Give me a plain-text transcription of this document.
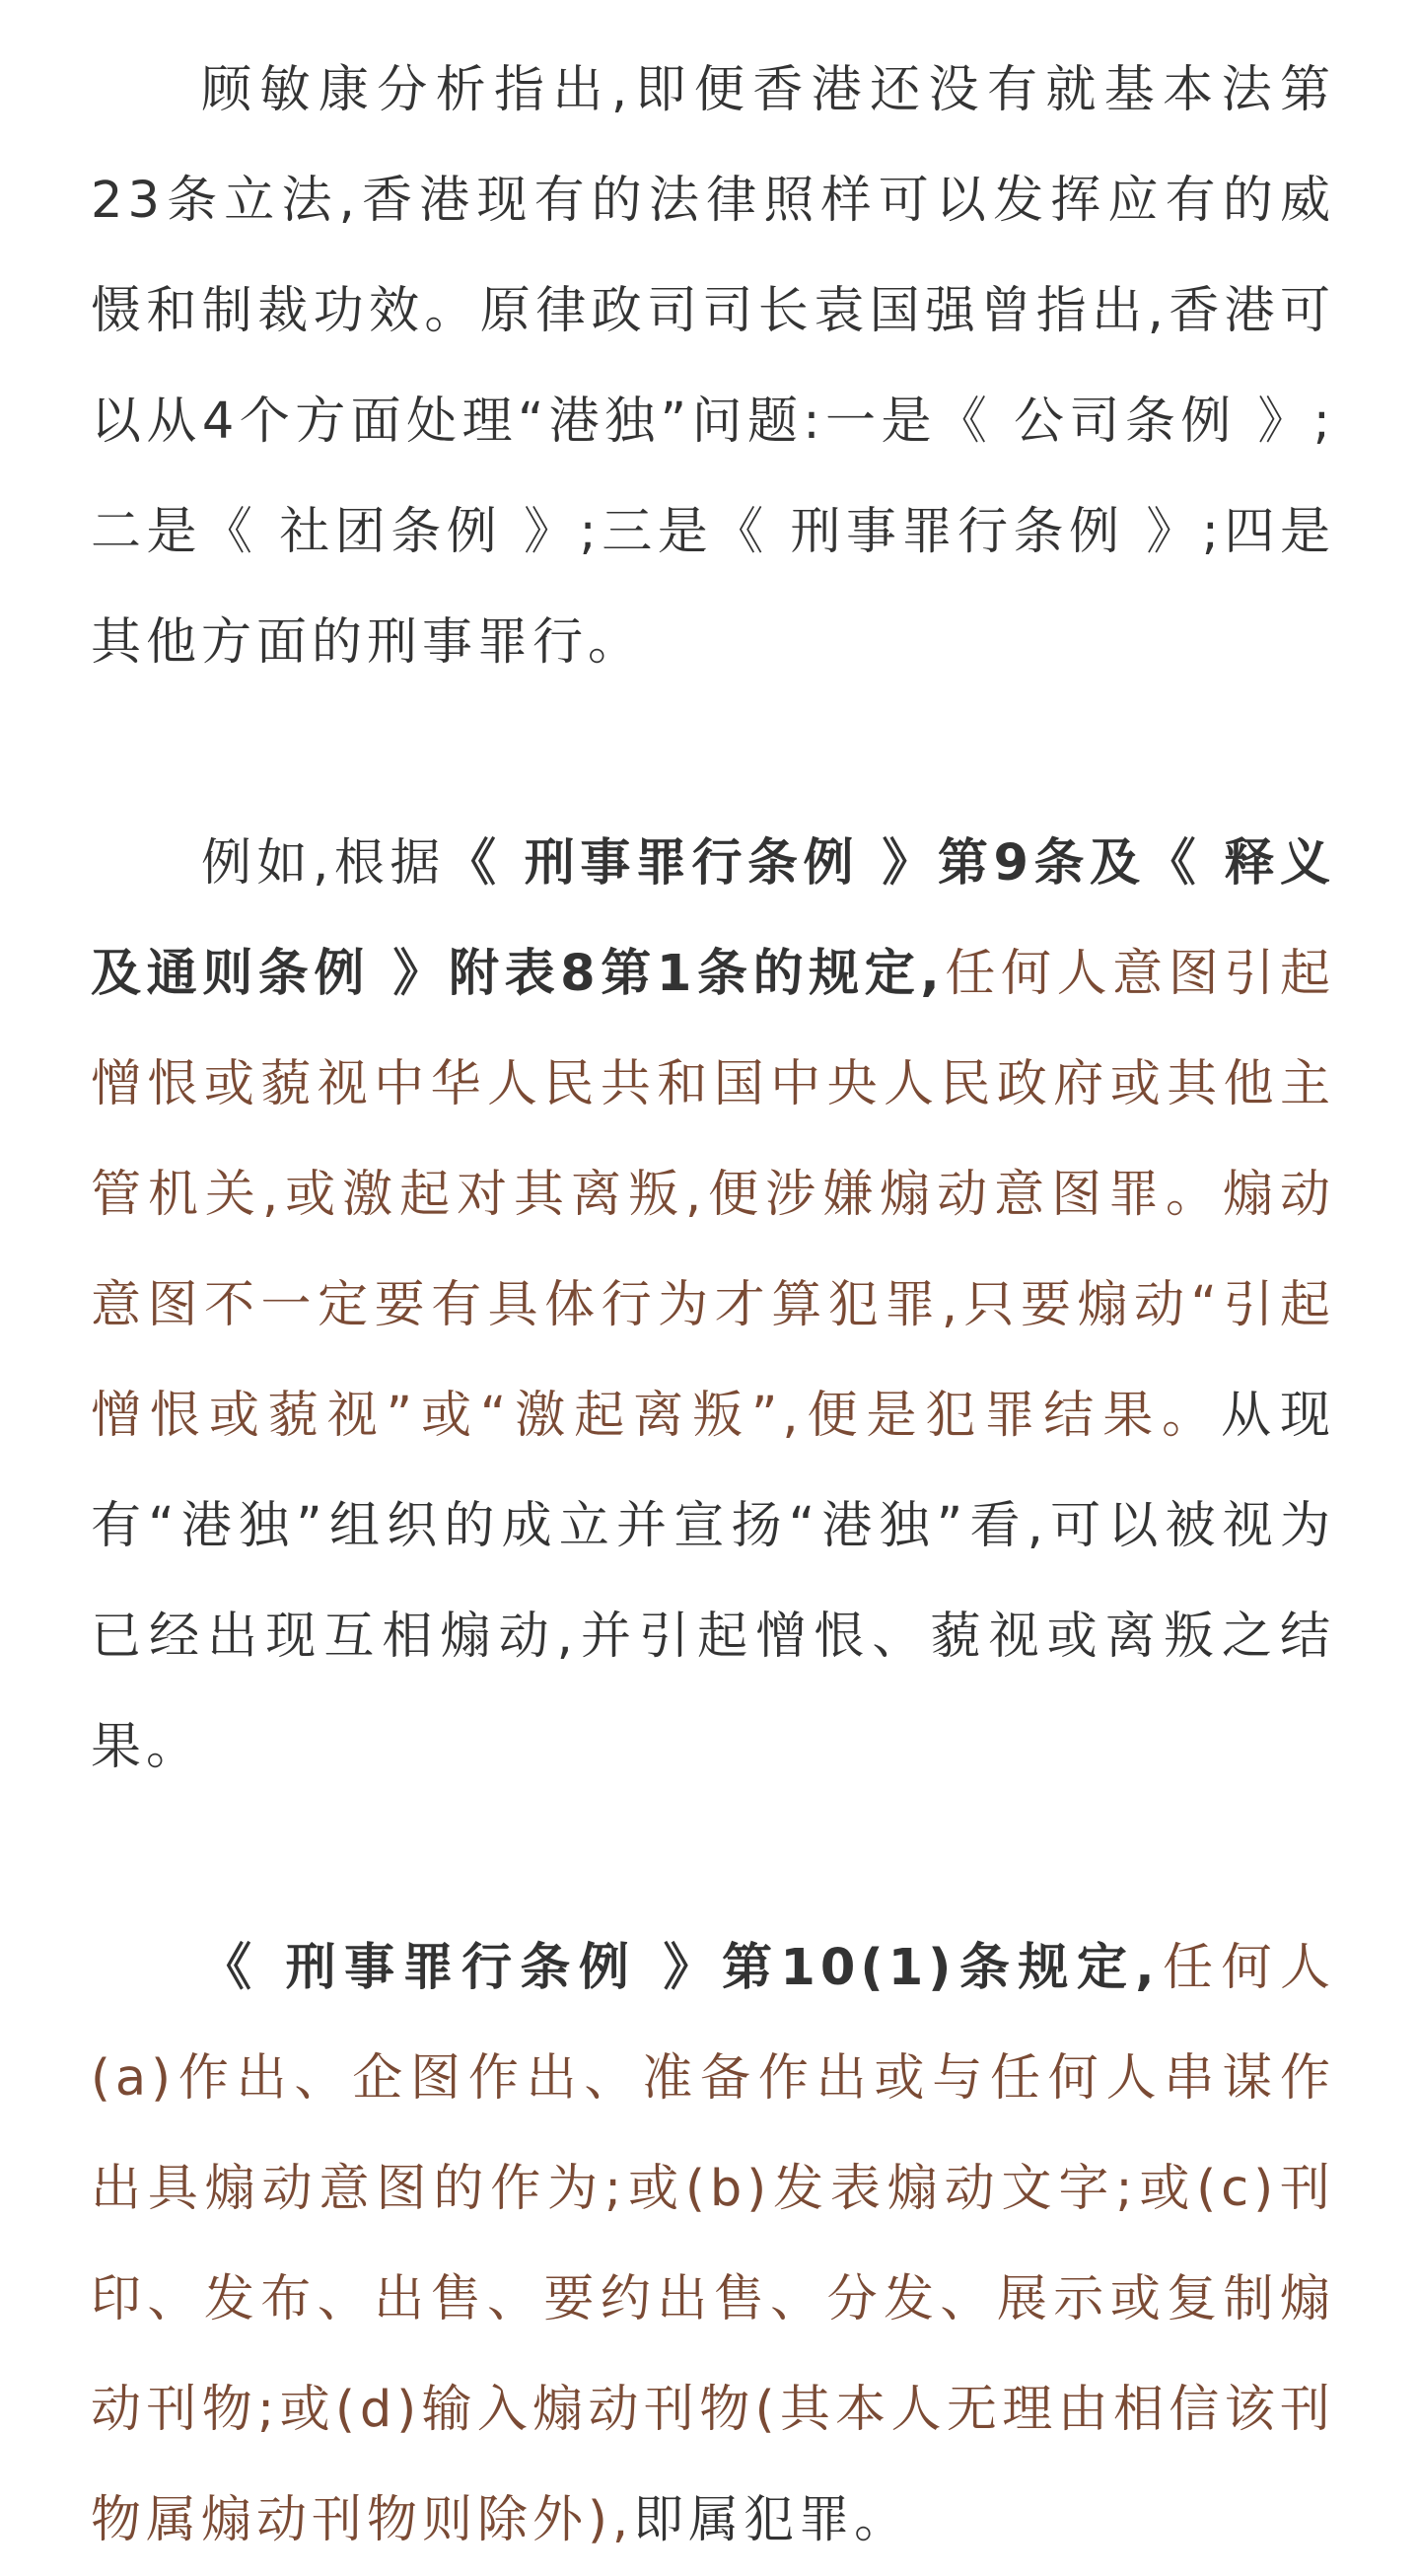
顾敏康分析指出,即便香港还没有就基本法第23条立法,香港现有的法律照样可以发挥应有的威慑和制裁功效。原律政司司长袁国强曾指出,香港可以从4个方面处理“港独”问题:一是《 公司条例 》;二是《 社团条例 》;三是《 刑事罪行条例 》;四是其他方面的刑事罪行。

例如,根据《 刑事罪行条例 》第9条及《 释义及通则条例 》附表8第1条的规定,任何人意图引起憎恨或藐视中华人民共和国中央人民政府或其他主管机关,或激起对其离叛,便涉嫌煽动意图罪。煽动意图不一定要有具体行为才算犯罪,只要煽动“引起憎恨或藐视”或“激起离叛”,便是犯罪结果。从现有“港独”组织的成立并宣扬“港独”看,可以被视为已经出现互相煽动,并引起憎恨、藐视或离叛之结果。

《 刑事罪行条例 》第10(1)条规定,任何人(a)作出、企图作出、准备作出或与任何人串谋作出具煽动意图的作为;或(b)发表煽动文字;或(c)刊印、发布、出售、要约出售、分发、展示或复制煽动刊物;或(d)输入煽动刊物(其本人无理由相信该刊物属煽动刊物则除外),即属犯罪。
